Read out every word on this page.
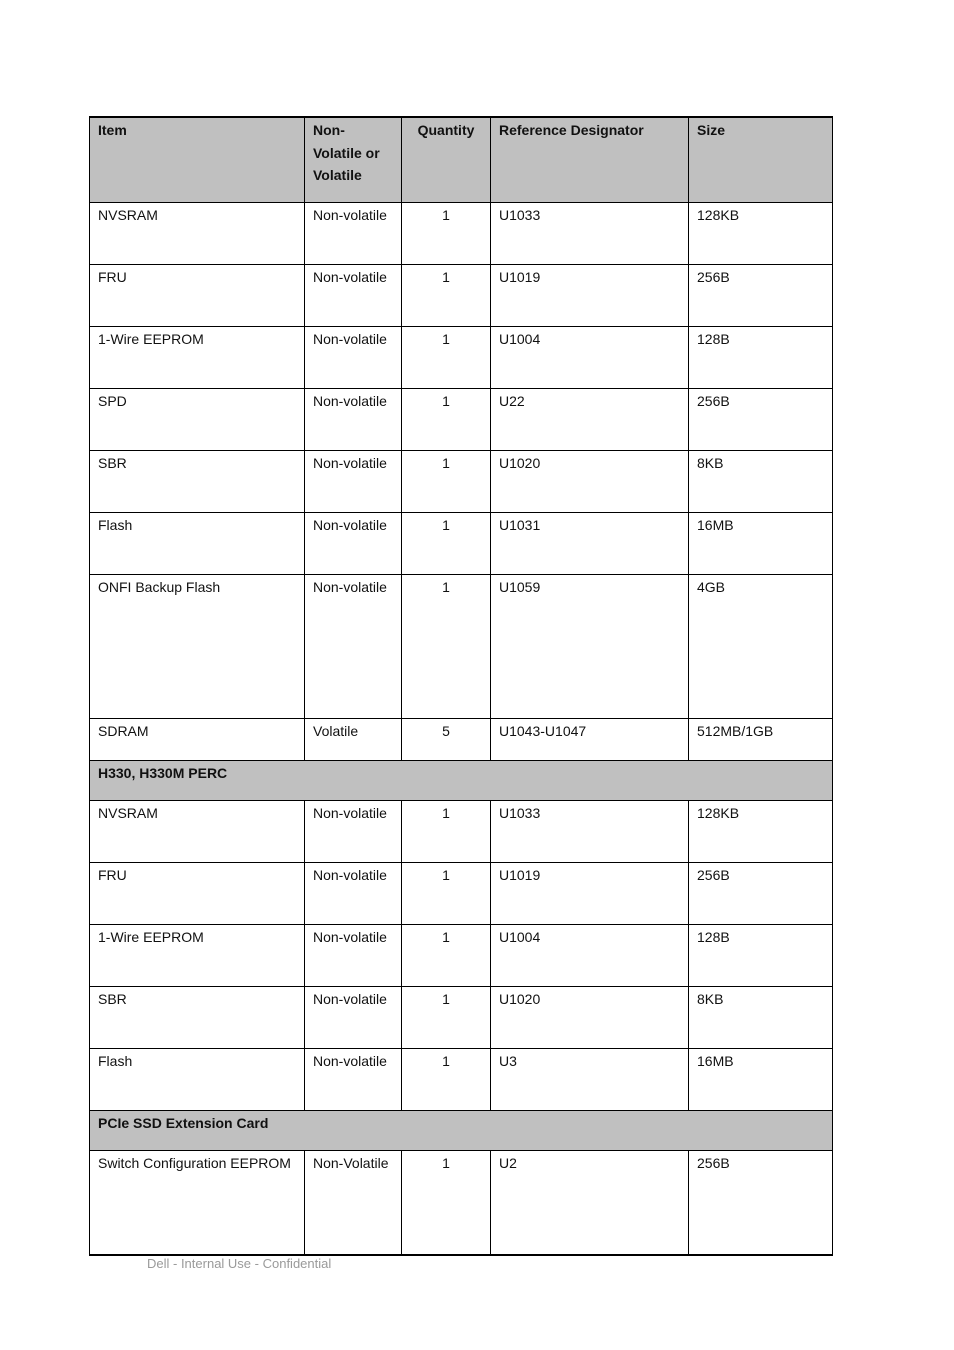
Item	Non-Volatile or Volatile	Quantity	Reference Designator	Size
NVSRAM	Non-volatile	1	U1033	128KB
FRU	Non-volatile	1	U1019	256B
1-Wire EEPROM	Non-volatile	1	U1004	128B
SPD	Non-volatile	1	U22	256B
SBR	Non-volatile	1	U1020	8KB
Flash	Non-volatile	1	U1031	16MB
ONFI Backup Flash	Non-volatile	1	U1059	4GB
SDRAM	Volatile	5	U1043-U1047	512MB/1GB
H330, H330M PERC				
NVSRAM	Non-volatile	1	U1033	128KB
FRU	Non-volatile	1	U1019	256B
1-Wire EEPROM	Non-volatile	1	U1004	128B
SBR	Non-volatile	1	U1020	8KB
Flash	Non-volatile	1	U3	16MB
PCIe SSD Extension Card				
Switch Configuration EEPROM	Non-Volatile	1	U2	256B
Dell - Internal Use - Confidential
